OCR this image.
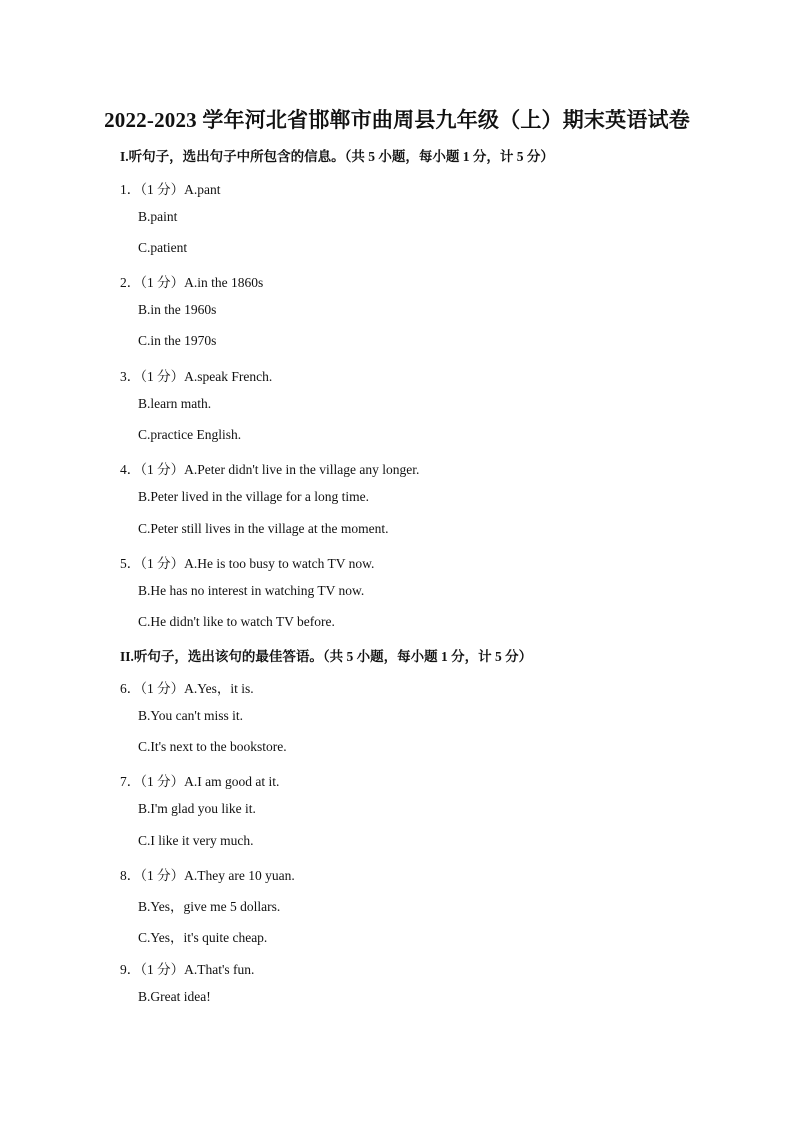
2022-2023 学年河北省邯郸市曲周县九年级（上）期末英语试卷
I.听句子，选出句子中所包含的信息。（共 5 小题，每小题 1 分，计 5 分）
1．（1 分）A.pant
B.paint
C.patient
2．（1 分）A.in the 1860s
B.in the 1960s
C.in the 1970s
3．（1 分）A.speak French.
B.learn math.
C.practice English.
4．（1 分）A.Peter didn't live in the village any longer.
B.Peter lived in the village for a long time.
C.Peter still lives in the village at the moment.
5．（1 分）A.He is too busy to watch TV now.
B.He has no interest in watching TV now.
C.He didn't like to watch TV before.
II.听句子，选出该句的最佳答语。（共 5 小题，每小题 1 分，计 5 分）
6．（1 分）A.Yes，it is.
B.You can't miss it.
C.It's next to the bookstore.
7．（1 分）A.I am good at it.
B.I'm glad you like it.
C.I like it very much.
8．（1 分）A.They are 10 yuan.
B.Yes，give me 5 dollars.
C.Yes，it's quite cheap.
9．（1 分）A.That's fun.
B.Great idea!
